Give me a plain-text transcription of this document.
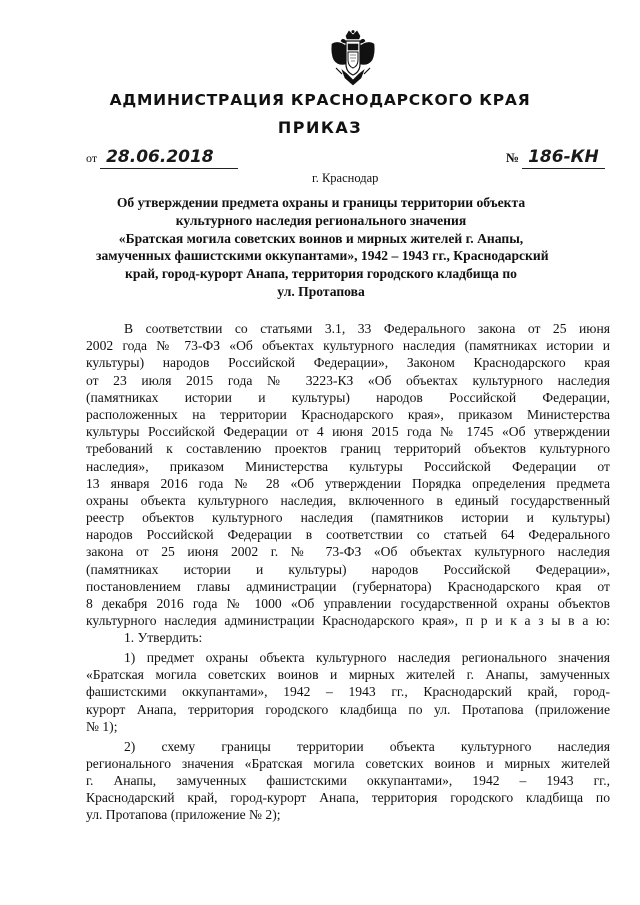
АДМИНИСТРАЦИЯ КРАСНОДАРСКОГО КРАЯ
ПРИКАЗ
от 28.06.2018	№ 186-КН
г. Краснодар
Об утверждении предмета охраны и границы территории объекта
культурного наследия регионального значения
«Братская могила советских воинов и мирных жителей г. Анапы,
замученных фашистскими оккупантами», 1942 – 1943 гг., Краснодарский
край, город-курорт Анапа, территория городского кладбища по
ул. Протапова
В соответствии со статьями 3.1, 33 Федерального закона от 25 июня
2002 года № 73-ФЗ «Об объектах культурного наследия (памятниках истории и
культуры) народов Российской Федерации», Законом Краснодарского края
от 23 июля 2015 года № 3223-КЗ «Об объектах культурного наследия
(памятниках истории и культуры) народов Российской Федерации,
расположенных на территории Краснодарского края», приказом Министерства
культуры Российской Федерации от 4 июня 2015 года № 1745 «Об утверждении
требований к составлению проектов границ территорий объектов культурного
наследия», приказом Министерства культуры Российской Федерации от
13 января 2016 года № 28 «Об утверждении Порядка определения предмета
охраны объекта культурного наследия, включенного в единый государственный
реестр объектов культурного наследия (памятников истории и культуры)
народов Российской Федерации в соответствии со статьей 64 Федерального
закона от 25 июня 2002 г. № 73-ФЗ «Об объектах культурного наследия
(памятниках истории и культуры) народов Российской Федерации»,
постановлением главы администрации (губернатора) Краснодарского края от
8 декабря 2016 года № 1000 «Об управлении государственной охраны объектов
культурного наследия администрации Краснодарского края», п р и к а з ы в а ю:
1. Утвердить:
1) предмет охраны объекта культурного наследия регионального значения
«Братская могила советских воинов и мирных жителей г. Анапы, замученных
фашистскими оккупантами», 1942 – 1943 гг., Краснодарский край, город-
курорт Анапа, территория городского кладбища по ул. Протапова (приложение
№ 1);
2) схему границы территории объекта культурного наследия
регионального значения «Братская могила советских воинов и мирных жителей
г. Анапы, замученных фашистскими оккупантами», 1942 – 1943 гг.,
Краснодарский край, город-курорт Анапа, территория городского кладбища по
ул. Протапова (приложение № 2);
